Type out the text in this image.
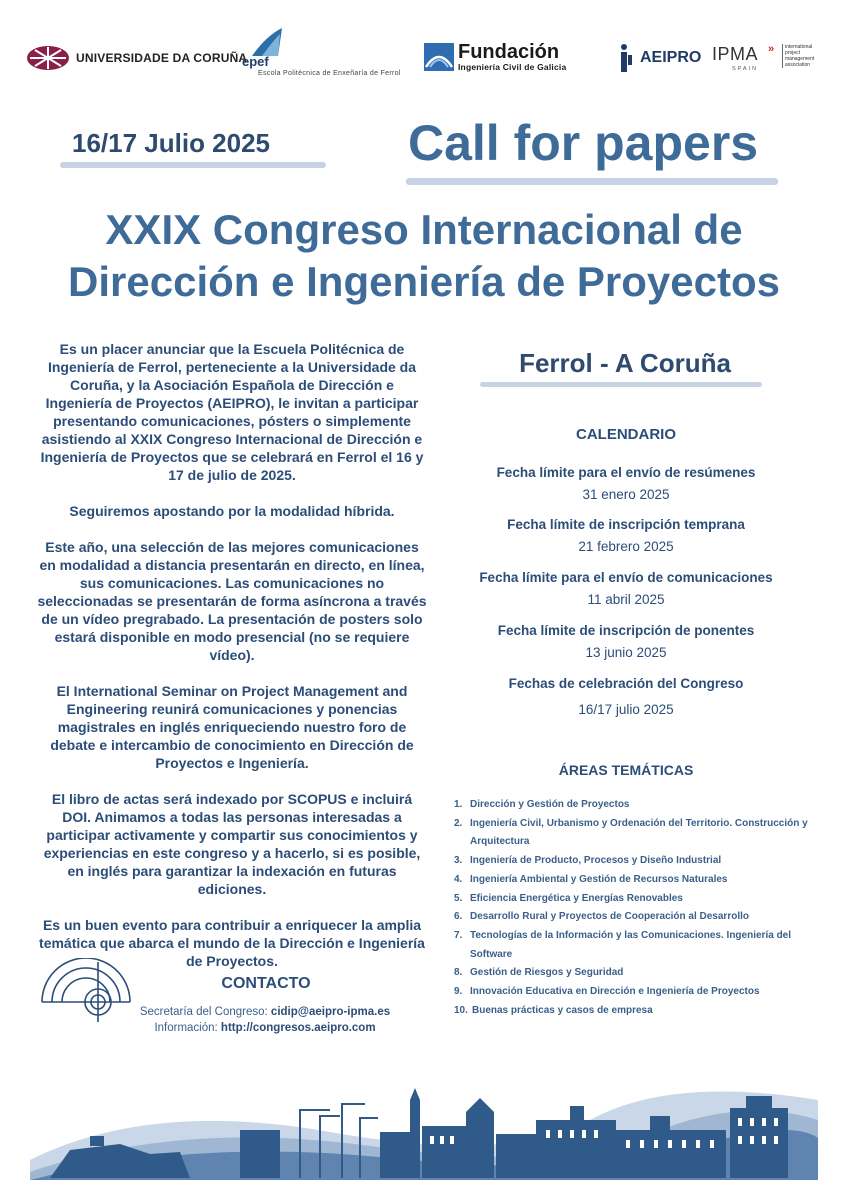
UNIVERSIDADE DA CORUÑA
epef
Escola Politécnica de Enxeñaría de Ferrol
Fundación
Ingeniería Civil de Galicia
AEIPRO IPMA »
SPAIN
international project management association
16/17 Julio 2025	Call for papers
XXIX Congreso Internacional de
Dirección e Ingeniería de Proyectos

Es un placer anunciar que la Escuela Politécnica de Ingeniería de Ferrol, perteneciente a la Universidade da Coruña, y la Asociación Española de Dirección e Ingeniería de Proyectos (AEIPRO), le invitan a participar presentando comunicaciones, pósters o simplemente asistiendo al XXIX Congreso Internacional de Dirección e Ingeniería de Proyectos que se celebrará en Ferrol el 16 y 17 de julio de 2025.

Seguiremos apostando por la modalidad híbrida.

Este año, una selección de las mejores comunicaciones en modalidad a distancia presentarán en directo, en línea, sus comunicaciones. Las comunicaciones no seleccionadas se presentarán de forma asíncrona a través de un vídeo pregrabado. La presentación de posters solo estará disponible en modo presencial (no se requiere vídeo).

El International Seminar on Project Management and Engineering reunirá comunicaciones y ponencias magistrales en inglés enriqueciendo nuestro foro de debate e intercambio de conocimiento en Dirección de Proyectos e Ingeniería.

El libro de actas será indexado por SCOPUS e incluirá DOI. Animamos a todas las personas interesadas a participar activamente y compartir sus conocimientos y experiencias en este congreso y a hacerlo, si es posible, en inglés para garantizar la indexación en futuras ediciones.

Es un buen evento para contribuir a enriquecer la amplia temática que abarca el mundo de la Dirección e Ingeniería de Proyectos.

CONTACTO
Secretaría del Congreso: cidip@aeipro-ipma.es
Información: http://congresos.aeipro.com
Ferrol - A Coruña
CALENDARIO
Fecha límite para el envío de resúmenes
31 enero 2025
Fecha límite de inscripción temprana
21 febrero 2025
Fecha límite para el envío de comunicaciones
11 abril 2025
Fecha límite de inscripción de ponentes
13 junio 2025
Fechas de celebración del Congreso
16/17 julio 2025
ÁREAS TEMÁTICAS
1. Dirección y Gestión de Proyectos
2. Ingeniería Civil, Urbanismo y Ordenación del Territorio. Construcción y Arquitectura
3. Ingeniería de Producto, Procesos y Diseño Industrial
4. Ingeniería Ambiental y Gestión de Recursos Naturales
5. Eficiencia Energética y Energías Renovables
6. Desarrollo Rural y Proyectos de Cooperación al Desarrollo
7. Tecnologías de la Información y las Comunicaciones. Ingeniería del Software
8. Gestión de Riesgos y Seguridad
9. Innovación Educativa en Dirección e Ingeniería de Proyectos
10. Buenas prácticas y casos de empresa
